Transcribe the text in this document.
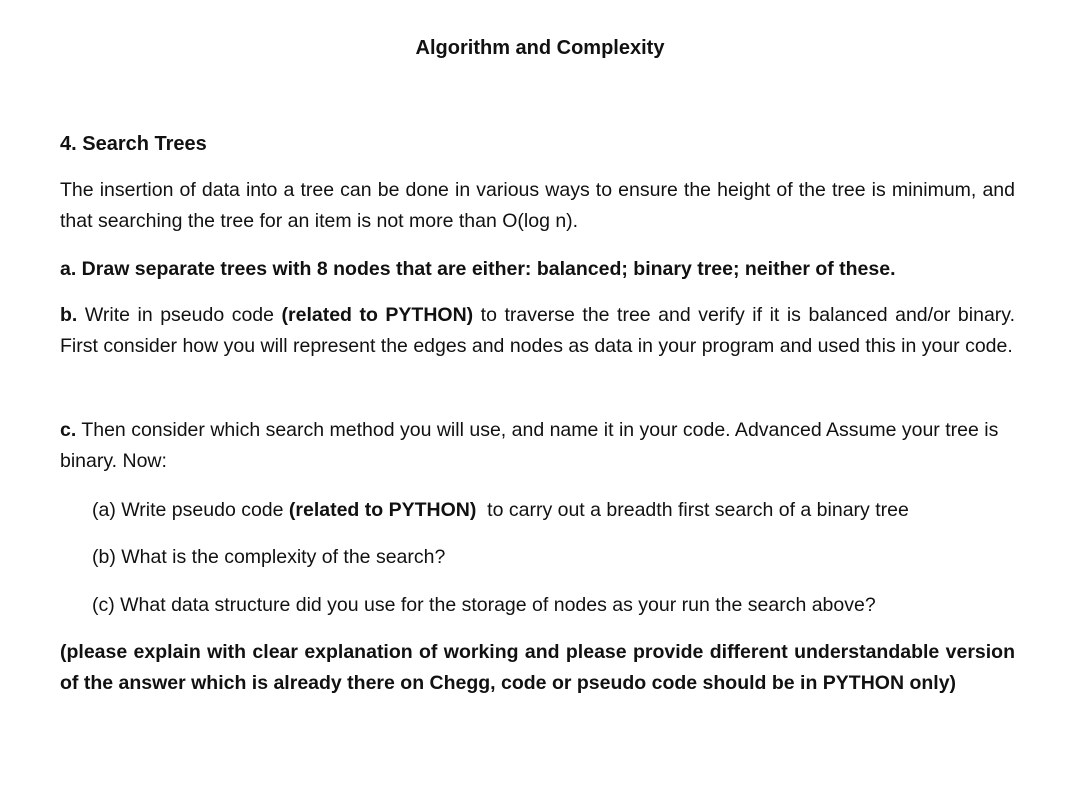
Algorithm and Complexity
4. Search Trees
The insertion of data into a tree can be done in various ways to ensure the height of the tree is minimum, and that searching the tree for an item is not more than O(log n).
a. Draw separate trees with 8 nodes that are either: balanced; binary tree; neither of these.
b. Write in pseudo code (related to PYTHON) to traverse the tree and verify if it is balanced and/or binary. First consider how you will represent the edges and nodes as data in your program and used this in your code.
c. Then consider which search method you will use, and name it in your code. Advanced Assume your tree is binary. Now:
(a) Write pseudo code (related to PYTHON)  to carry out a breadth first search of a binary tree
(b) What is the complexity of the search?
(c) What data structure did you use for the storage of nodes as your run the search above?
(please explain with clear explanation of working and please provide different understandable version of the answer which is already there on Chegg, code or pseudo code should be in PYTHON only)
